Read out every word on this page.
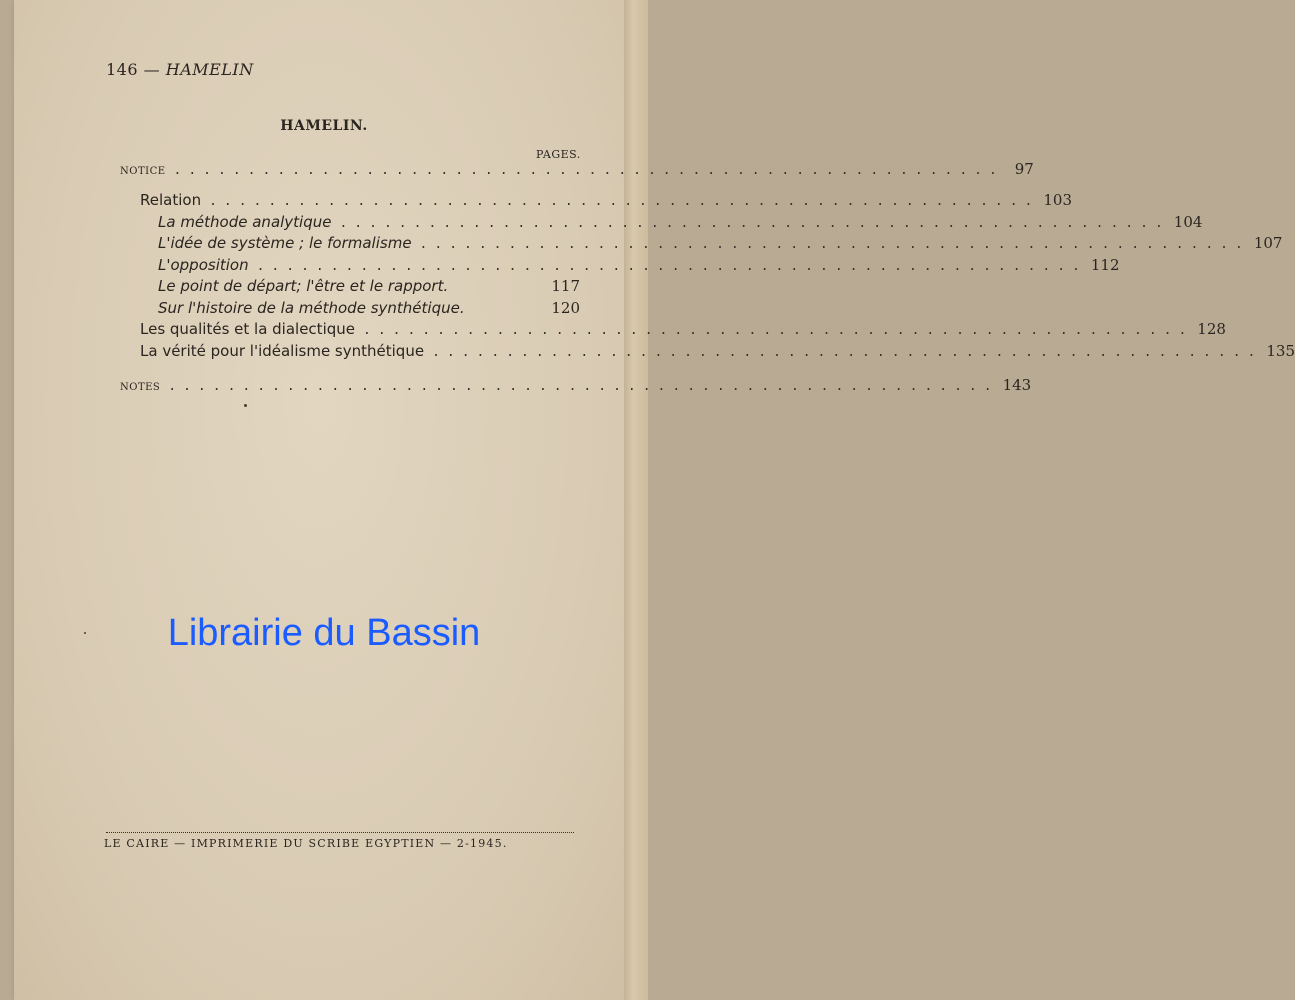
146 — HAMELIN
HAMELIN.
PAGES.
NOTICE ........................................................ 97
Relation ........................................................ 103
La méthode analytique ........................................................ 104
L'idée de système ; le formalisme ........................................................ 107
L'opposition ........................................................ 112
Le point de départ; l'être et le rapport.	117
Sur l'histoire de la méthode synthétique.	120
Les qualités et la dialectique ........................................................ 128
La vérité pour l'idéalisme synthétique ........................................................ 135
NOTES ........................................................ 143
Librairie du Bassin
LE CAIRE — IMPRIMERIE DU SCRIBE EGYPTIEN — 2-1945.
